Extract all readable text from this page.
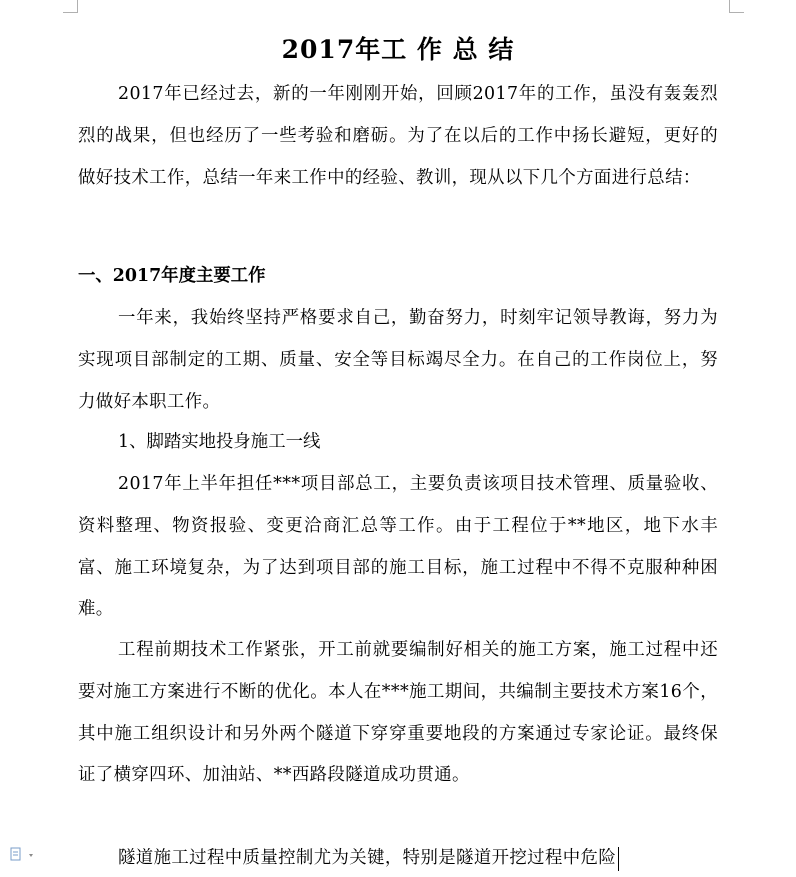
2017年工 作 总 结

2017年已经过去，新的一年刚刚开始，回顾2017年的工作，虽没有轰轰烈烈的战果，但也经历了一些考验和磨砺。为了在以后的工作中扬长避短，更好的做好技术工作，总结一年来工作中的经验、教训，现从以下几个方面进行总结：

一、2017年度主要工作

一年来，我始终坚持严格要求自己，勤奋努力，时刻牢记领导教诲，努力为实现项目部制定的工期、质量、安全等目标竭尽全力。在自己的工作岗位上，努力做好本职工作。

1、脚踏实地投身施工一线

2017年上半年担任***项目部总工，主要负责该项目技术管理、质量验收、资料整理、物资报验、变更洽商汇总等工作。由于工程位于**地区，地下水丰富、施工环境复杂，为了达到项目部的施工目标，施工过程中不得不克服种种困难。

工程前期技术工作紧张，开工前就要编制好相关的施工方案，施工过程中还要对施工方案进行不断的优化。本人在***施工期间，共编制主要技术方案16个，其中施工组织设计和另外两个隧道下穿穿重要地段的方案通过专家论证。最终保证了横穿四环、加油站、**西路段隧道成功贯通。

隧道施工过程中质量控制尤为关键，特别是隧道开挖过程中危险
